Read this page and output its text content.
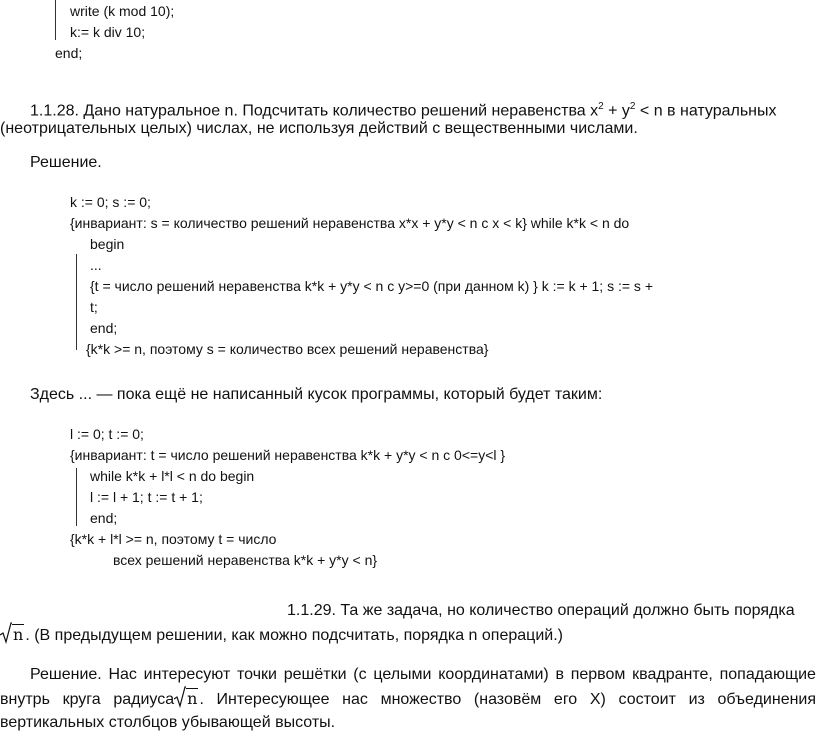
write (k mod 10);
k:= k div 10;
end;
1.1.28. Дано натуральное n. Подсчитать количество решений неравенства $x^2 + y^2 < n$ в натуральных
(неотрицательных целых) числах, не используя действий с вещественными числами.
Решение.
k := 0; s := 0;
{инвариант: s = количество решений неравенства x*x + y*y < n c x < k} while k*k < n do
begin
...
{t = число решений неравенства k*k + y*y < n c y>=0 (при данном k) } k := k + 1; s := s +
t;
end;
{k*k >= n, поэтому s = количество всех решений неравенства}
Здесь ... — пока ещё не написанный кусок программы, который будет таким:
l := 0; t := 0;
{инвариант: t = число решений неравенства k*k + y*y < n c 0<=y<l }
while k*k + l*l < n do begin
l := l + 1; t := t + 1;
end;
{k*k + l*l >= n, поэтому t = число
всех решений неравенства k*k + y*y < n}
1.1.29. Та же задача, но количество операций должно быть порядка
n . (В предыдущем решении, как можно подсчитать, порядка n операций.)
Решение. Нас интересуют точки решётки (с целыми координатами) в первом квадранте, попадающие
внутрь круга радиуса n . Интересующее нас множество (назовём его X) состоит из объединения
вертикальных столбцов убывающей высоты.
